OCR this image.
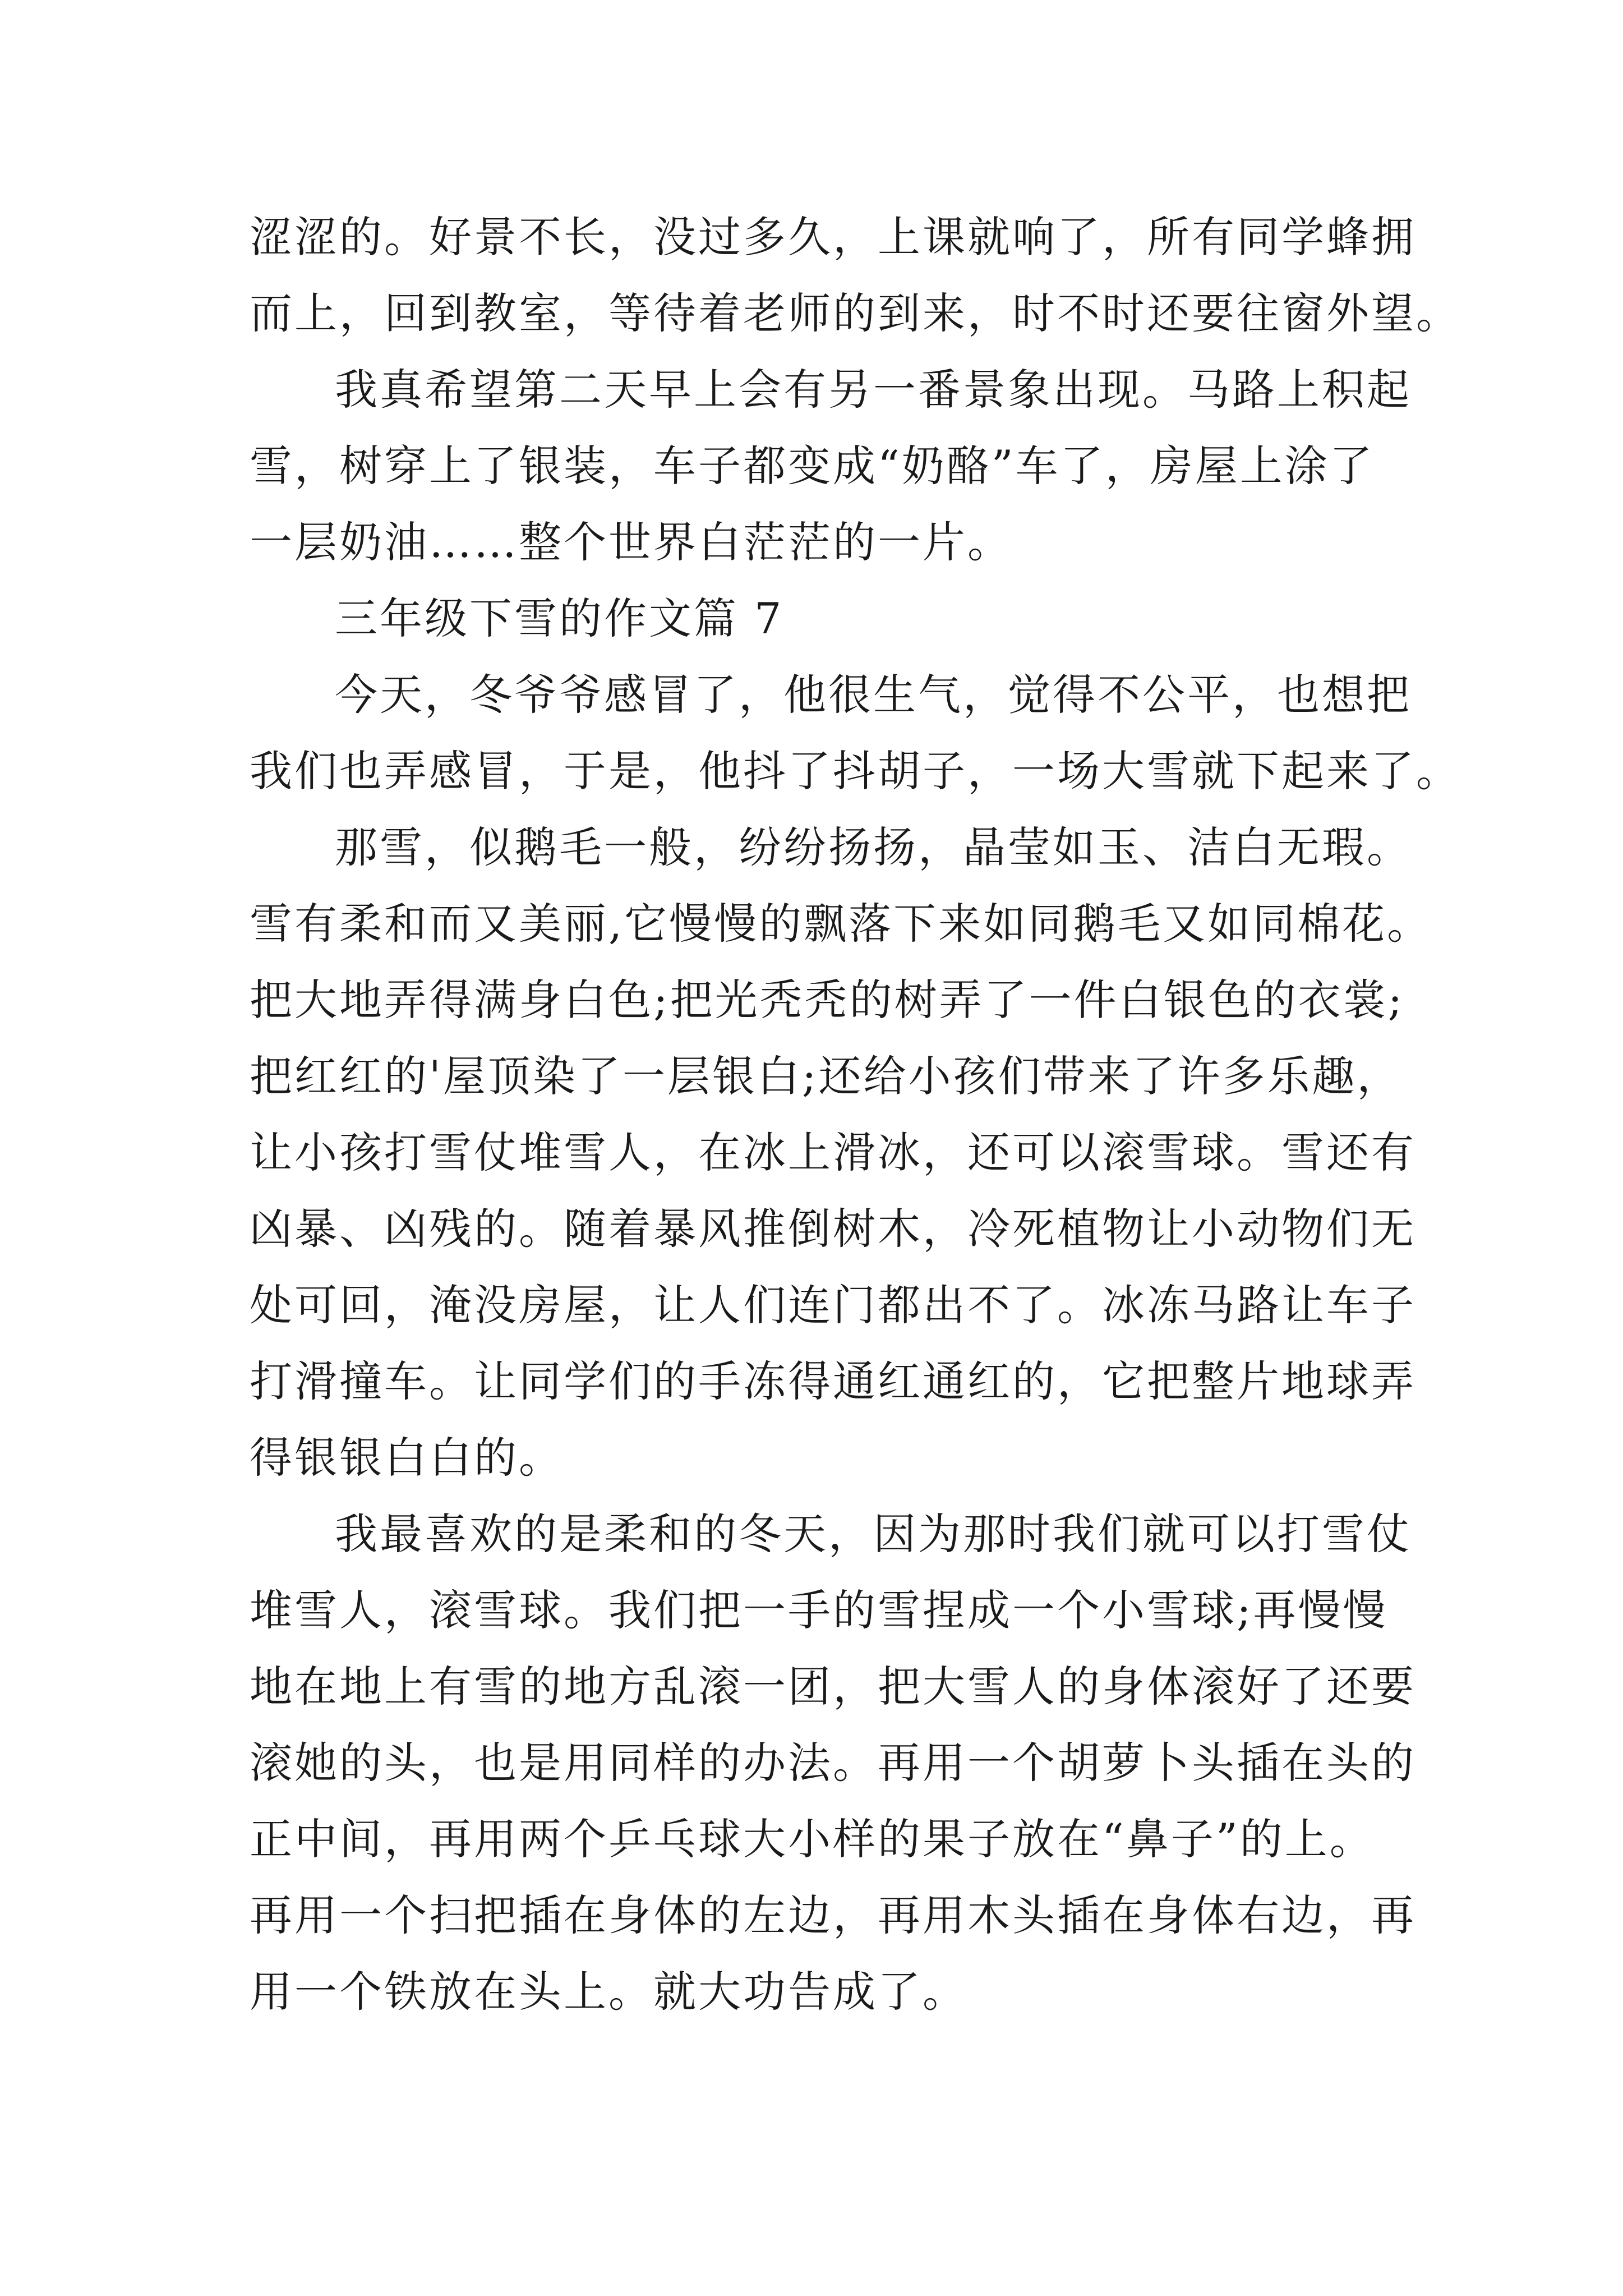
涩涩的。好景不长，没过多久，上课就响了，所有同学蜂拥
而上，回到教室，等待着老师的到来，时不时还要往窗外望。
我真希望第二天早上会有另一番景象出现。马路上积起
雪，树穿上了银装，车子都变成“奶酪”车了，房屋上涂了
一层奶油……整个世界白茫茫的一片。
三年级下雪的作文篇 7
今天，冬爷爷感冒了，他很生气，觉得不公平，也想把
我们也弄感冒，于是，他抖了抖胡子，一场大雪就下起来了。
那雪，似鹅毛一般，纷纷扬扬，晶莹如玉、洁白无瑕。
雪有柔和而又美丽,它慢慢的飘落下来如同鹅毛又如同棉花。
把大地弄得满身白色;把光秃秃的树弄了一件白银色的衣裳;
把红红的'屋顶染了一层银白;还给小孩们带来了许多乐趣，
让小孩打雪仗堆雪人，在冰上滑冰，还可以滚雪球。雪还有
凶暴、凶残的。随着暴风推倒树木，冷死植物让小动物们无
处可回，淹没房屋，让人们连门都出不了。冰冻马路让车子
打滑撞车。让同学们的手冻得通红通红的，它把整片地球弄
得银银白白的。
我最喜欢的是柔和的冬天，因为那时我们就可以打雪仗
堆雪人，滚雪球。我们把一手的雪捏成一个小雪球;再慢慢
地在地上有雪的地方乱滚一团，把大雪人的身体滚好了还要
滚她的头，也是用同样的办法。再用一个胡萝卜头插在头的
正中间，再用两个乒乓球大小样的果子放在“鼻子”的上。
再用一个扫把插在身体的左边，再用木头插在身体右边，再
用一个铁放在头上。就大功告成了。
